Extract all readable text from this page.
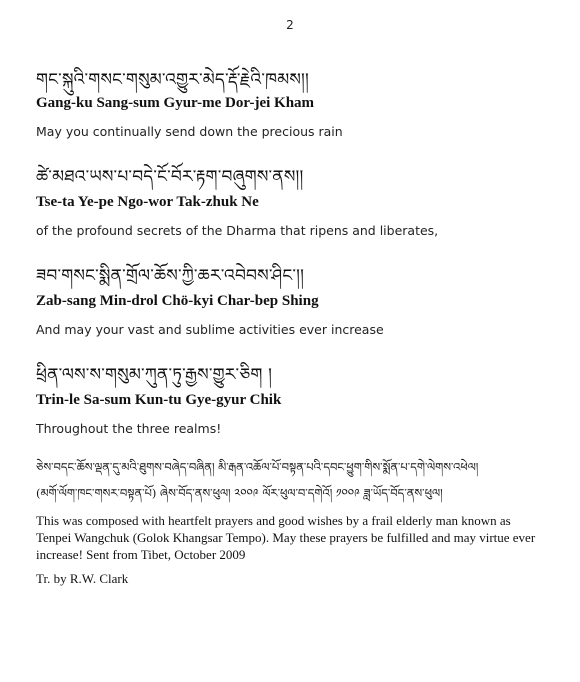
2
གང་སྐུའི་གསང་གསུམ་འགྱུར་མེད་རྡོ་རྗེའི་ཁམས།།
Gang-ku Sang-sum Gyur-me Dor-jei Kham
May you continually send down the precious rain
ཚེ་མཐའ་ཡས་པ་བདེ་ངོ་བོར་རྟག་བཞུགས་ནས།།
Tse-ta Ye-pe Ngo-wor Tak-zhuk Ne
of the profound secrets of the Dharma that ripens and liberates,
ཟབ་གསང་སྨིན་གྲོལ་ཆོས་ཀྱི་ཆར་འབེབས་ཤིང་།།
Zab-sang Min-drol Chö-kyi Char-bep Shing
And may your vast and sublime activities ever increase
ཕྲིན་ལས་ས་གསུམ་ཀུན་ཏུ་རྒྱས་གྱུར་ཅིག །
Trin-le Sa-sum Kun-tu Gye-gyur Chik
Throughout the three realms!
ཅེས་བདང་ཆོས་ལྡན་དུ་མའི་ཐུགས་བཞེད་བཞིན། མི་རྒན་འཆོལ་པོ་བསྟན་པའི་དབང་ཕྱུག་གིས་སྨོན་པ་དགེ་ལེགས་འཕེལ།
(མགོ་ལོག་ཁང་གསར་བསྟན་པོ) ཞེས་བོད་ནས་ཕུལ། ༢༠༠༩ ལོར་ཕུལ་བ་དགེའོ། ༡༠༠༩ ཟླ་ཡོད་བོད་ནས་ཕུལ།
This was composed with heartfelt prayers and good wishes by a frail elderly man known as Tenpei Wangchuk (Golok Khangsar Tempo). May these prayers be fulfilled and may virtue ever increase! Sent from Tibet, October 2009
Tr. by R.W. Clark
